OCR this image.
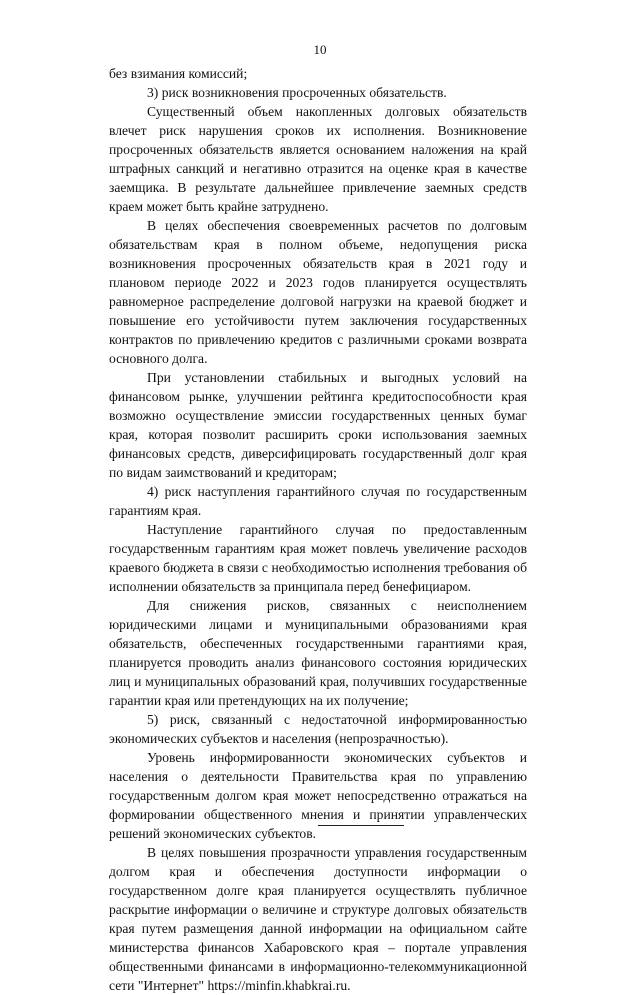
10

без взимания комиссий;

3) риск возникновения просроченных обязательств.

Существенный объем накопленных долговых обязательств влечет риск нарушения сроков их исполнения. Возникновение просроченных обязательств является основанием наложения на край штрафных санкций и негативно отразится на оценке края в качестве заемщика. В результате дальнейшее привлечение заемных средств краем может быть крайне затруднено.

В целях обеспечения своевременных расчетов по долговым обязательствам края в полном объеме, недопущения риска возникновения просроченных обязательств края в 2021 году и плановом периоде 2022 и 2023 годов планируется осуществлять равномерное распределение долговой нагрузки на краевой бюджет и повышение его устойчивости путем заключения государственных контрактов по привлечению кредитов с различными сроками возврата основного долга.

При установлении стабильных и выгодных условий на финансовом рынке, улучшении рейтинга кредитоспособности края возможно осуществление эмиссии государственных ценных бумаг края, которая позволит расширить сроки использования заемных финансовых средств, диверсифицировать государственный долг края по видам заимствований и кредиторам;

4) риск наступления гарантийного случая по государственным гарантиям края.

Наступление гарантийного случая по предоставленным государственным гарантиям края может повлечь увеличение расходов краевого бюджета в связи с необходимостью исполнения требования об исполнении обязательств за принципала перед бенефициаром.

Для снижения рисков, связанных с неисполнением юридическими лицами и муниципальными образованиями края обязательств, обеспеченных государственными гарантиями края, планируется проводить анализ финансового состояния юридических лиц и муниципальных образований края, получивших государственные гарантии края или претендующих на их получение;

5) риск, связанный с недостаточной информированностью экономических субъектов и населения (непрозрачностью).

Уровень информированности экономических субъектов и населения о деятельности Правительства края по управлению государственным долгом края может непосредственно отражаться на формировании общественного мнения и принятии управленческих решений экономических субъектов.

В целях повышения прозрачности управления государственным долгом края и обеспечения доступности информации о государственном долге края планируется осуществлять публичное раскрытие информации о величине и структуре долговых обязательств края путем размещения данной информации на официальном сайте министерства финансов Хабаровского края – портале управления общественными финансами в информационно-телекоммуникационной сети "Интернет" https://minfin.khabkrai.ru.
